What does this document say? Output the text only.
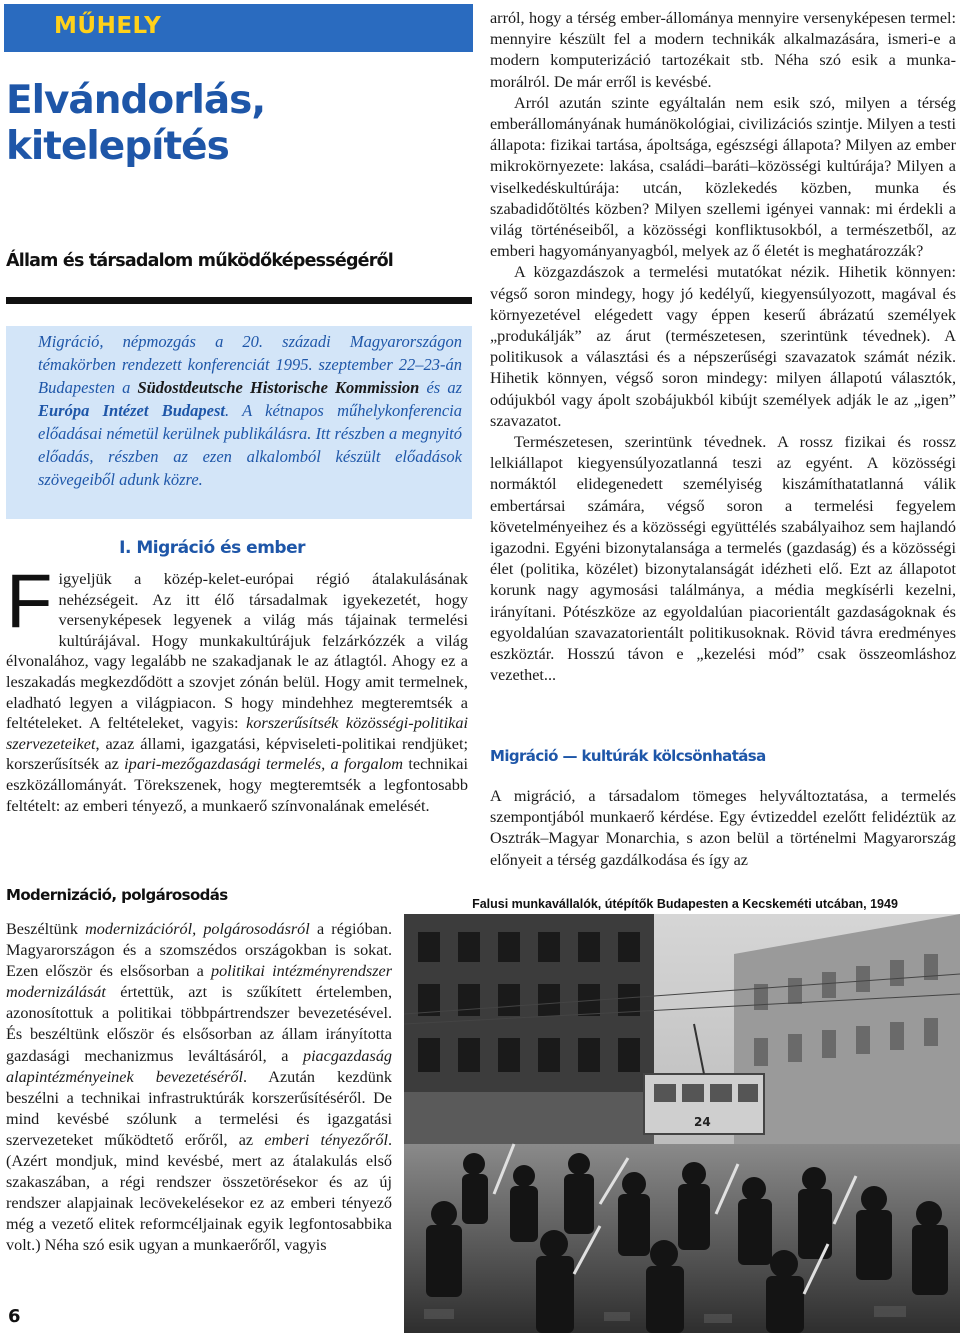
MŰHELY
Elvándorlás,
kitelepítés
Állam és társadalom működőképességéről

Migráció, népmozgás a 20. századi Magyarországon témakörben rendezett konferenciát 1995. szeptember 22–23-án Budapesten a Südostdeutsche Historische Kommission és az Európa Intézet Budapest. A kétnapos műhelykonferencia előadásai németül kerülnek publikálásra. Itt részben a megnyitó előadás, részben az ezen alkalomból készült előadások szövegeiből adunk közre.

I. Migráció és ember
Figyeljük a közép-kelet-európai régió átalakulásának nehézségeit. Az itt élő társadalmak igyekezetét, hogy versenyképesek legyenek a világ más tájainak termelési kultúrájával. Hogy munkakultúrájuk felzárkózzék a világ élvonalához, vagy legalább ne szakadjanak le az átlagtól. Ahogy ez a leszakadás megkezdődött a szovjet zónán belül. Hogy amit termelnek, eladható legyen a világpiacon. S hogy mindehhez megteremtsék a feltételeket. A feltételeket, vagyis: korszerűsítsék közösségi-politikai szervezeteiket, azaz állami, igazgatási, képviseleti-politikai rendjüket; korszerűsítsék az ipari-mezőgazdasági termelés, a forgalom technikai eszközállományát. Törekszenek, hogy megteremtsék a legfontosabb feltételt: az emberi tényező, a munkaerő színvonalának emelését.
Modernizáció, polgárosodás
Beszéltünk modernizációról, polgárosodásról a régióban. Magyarországon és a szomszédos országokban is sokat. Ezen először és elsősorban a politikai intézményrendszer modernizálását értettük, azt is szűkített értelemben, azonosítottuk a politikai többpártrendszer bevezetésével. És beszéltünk először és elsősorban az állam irányította gazdasági mechanizmus leváltásáról, a piacgazdaság alapintézményeinek bevezetéséről. Azután kezdünk beszélni a technikai infrastruktúrák korszerűsítéséről. De mind kevésbé szólunk a termelési és igazgatási szervezeteket működtető erőről, az emberi tényezőről. (Azért mondjuk, mind kevésbé, mert az átalakulás első szakaszában, a régi rendszer összetörésekor és az új rendszer alapjainak lecövekelésekor ez az emberi tényező még a vezető elitek reformcéljainak egyik legfontosabbika volt.) Néha szó esik ugyan a munkaerőről, vagyis
6

arról, hogy a térség ember-állománya mennyire versenyképesen termel: mennyire készült fel a modern technikák alkalmazására, ismeri-e a modern komputerizáció tartozékait stb. Néha szó esik a munka-morálról. De már erről is kevésbé.

Arról azután szinte egyáltalán nem esik szó, milyen a térség emberállományának humánökológiai, civilizációs szintje. Milyen a testi állapota: fizikai tartása, ápoltsága, egészségi állapota? Milyen az ember mikrokörnyezete: lakása, családi–baráti–közösségi kultúrája? Milyen a viselkedéskultúrája: utcán, közlekedés közben, munka és szabadidőtöltés közben? Milyen szellemi igényei vannak: mi érdekli a világ történéseiből, a közösségi konfliktusokból, a természetből, az emberi hagyományanyagból, melyek az ő életét is meghatározzák?

A közgazdászok a termelési mutatókat nézik. Hihetik könnyen: végső soron mindegy, hogy jó kedélyű, kiegyensúlyozott, magával és környezetével elégedett vagy éppen keserű ábrázatú személyek „produkálják” az árut (természetesen, szerintünk tévednek). A politikusok a választási és a népszerűségi szavazatok számát nézik. Hihetik könnyen, végső soron mindegy: milyen állapotú választók, odújukból vagy ápolt szobájukból kibújt személyek adják le az „igen” szavazatot.

Természetesen, szerintünk tévednek. A rossz fizikai és rossz lelkiállapot kiegyensúlyozatlanná teszi az egyént. A közösségi normáktól elidegenedett személyiség kiszámíthatatlanná válik embertársai számára, végső soron a termelési fegyelem követelményeihez és a közösségi együttélés szabályaihoz sem hajlandó igazodni. Egyéni bizonytalansága a termelés (gazdaság) és a közösségi élet (politika, közélet) bizonytalanságát idézheti elő. Ezt az állapotot korunk nagy agymosási találmánya, a média megkísérli kezelni, irányítani. Pótészköze az egyoldalúan piacorientált gazdaságoknak és egyoldalúan szavazatorientált politikusoknak. Rövid távra eredményes eszköztár. Hosszú távon e „kezelési mód” csak összeomláshoz vezethet...

Migráció — kultúrák kölcsönhatása
A migráció, a társadalom tömeges helyváltoztatása, a termelés szempontjából munkaerő kérdése. Egy évtizeddel ezelőtt felidéztük az Osztrák–Magyar Monarchia, s azon belül a történelmi Magyarország előnyeit a térség gazdálkodása és így az
Falusi munkavállalók, útépítők Budapesten a Kecskeméti utcában, 1949
24
